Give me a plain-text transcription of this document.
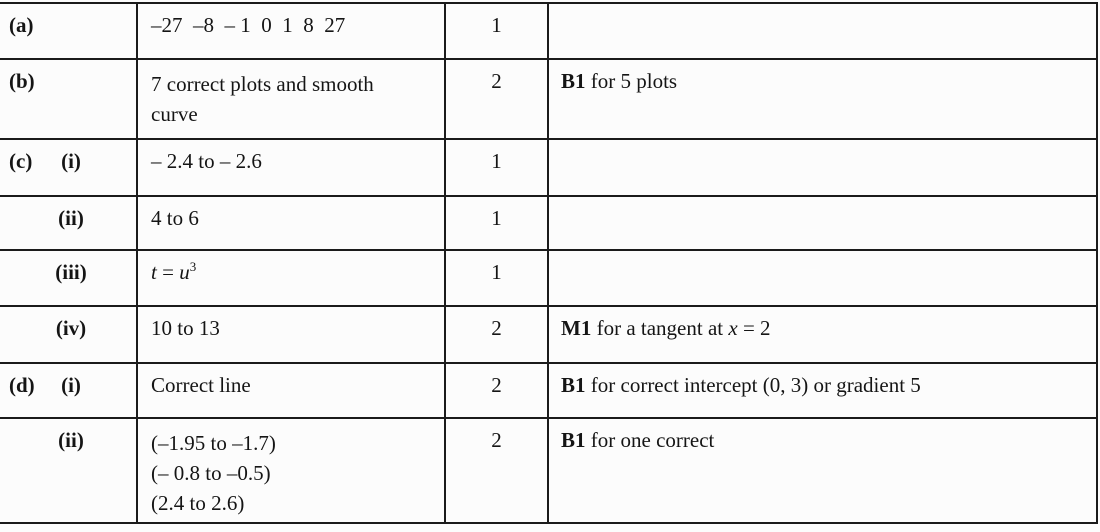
(a)	–27  –8  – 1  0  1  8  27	1	
(b)	7 correct plots and smooth
curve	2	B1 for 5 plots
(c) (i)	– 2.4 to – 2.6	1	
(ii)	4 to 6	1	
(iii)	$t = u^3$	1	
(iv)	10 to 13	2	M1 for a tangent at x = 2
(d) (i)	Correct line	2	B1 for correct intercept (0, 3) or gradient 5
(ii)	(–1.95 to –1.7)
(– 0.8 to –0.5)
(2.4 to 2.6)	2	B1 for one correct
